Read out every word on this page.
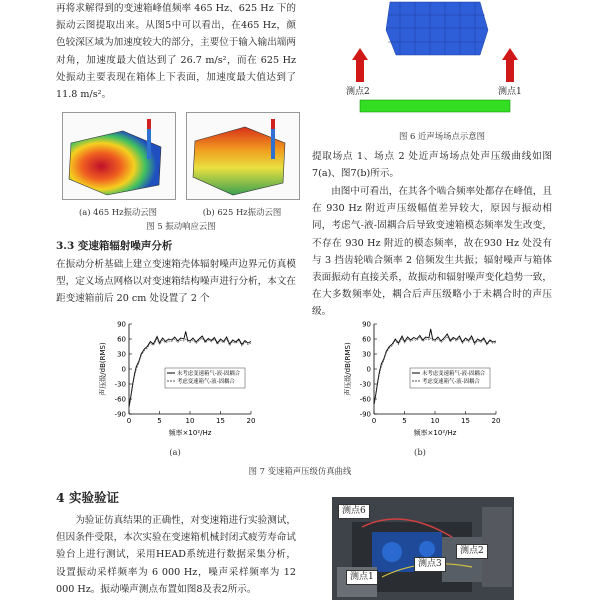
再将求解得到的变速箱峰值频率 465 Hz、625 Hz 下的振动云图提取出来。从图5中可以看出，在465 Hz，颜色较深区域为加速度较大的部分，主要位于输入输出端两对角，加速度最大值达到了 26.7 m/s²，而在 625 Hz 处振动主要表现在箱体上下表面，加速度最大值达到了 11.8 m/s²。
(a) 465 Hz振动云图	(b) 625 Hz振动云图
图 5 振动响应云图
3.3 变速箱辐射噪声分析
在振动分析基础上建立变速箱壳体辐射噪声边界元仿真模型，定义场点网格以对变速箱结构噪声进行分析，本文在距变速箱前后 20 cm 处设置了 2 个
测点2	测点1
图 6 近声场场点示意图
提取场点 1、场点 2 处近声场场点处声压级曲线如图7(a)、图7(b)所示。
由图中可看出，在其各个啮合频率处都存在峰值，且在 930 Hz 附近声压级幅值差异较大，原因与振动相同，考虑气-液-固耦合后导致变速箱模态频率发生改变，不存在 930 Hz 附近的模态频率，故在930 Hz 处没有与 3 挡齿轮啮合频率 2 倍频发生共振；辐射噪声与箱体表面振动有直接关系，故振动和辐射噪声变化趋势一致，在大多数频率处，耦合后声压级略小于未耦合时的声压级。
90
60
30
0
-30
-60
-90
0	5	10	15	20
声压级/dB(RMS)
频率×10²/Hz
未考虑变速箱气-液-固耦合
考虑变速箱气-液-固耦合
90
60
30
0
-30
-60
-90
0	5	10	15	20
声压级/dB(RMS)
频率×10²/Hz
未考虑变速箱气-液-固耦合
考虑变速箱气-液-固耦合
(a)	(b)
图 7 变速箱声压级仿真曲线
4 实验验证
为验证仿真结果的正确性，对变速箱进行实验测试，但因条件受限，本次实验在变速箱机械封闭式疲劳寿命试验台上进行测试，采用HEAD系统进行数据采集分析，设置振动采样频率为 6 000 Hz，噪声采样频率为 12 000 Hz。振动噪声测点布置如图8及表2所示。
测点6
测点2
测点3
测点1
